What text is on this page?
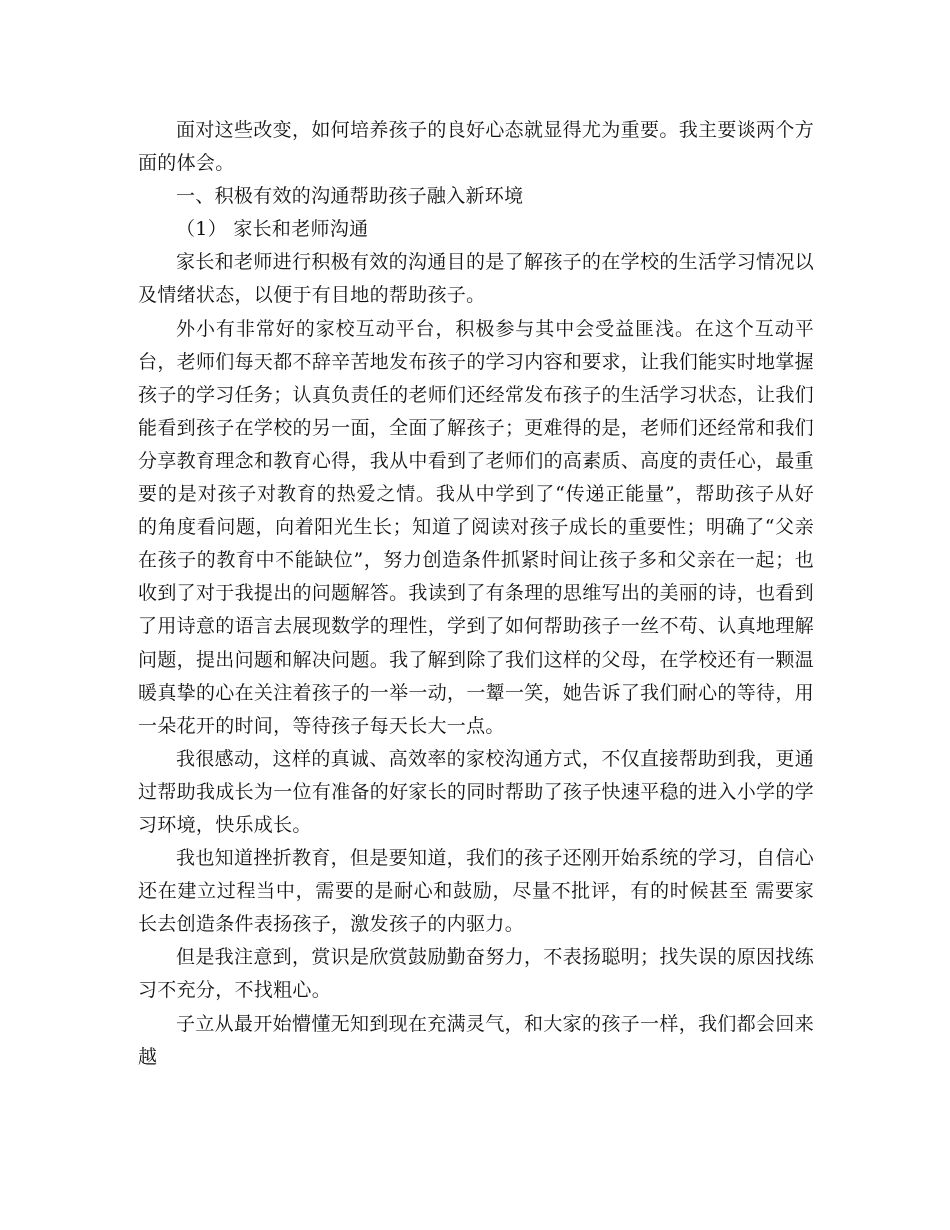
面对这些改变，如何培养孩子的良好心态就显得尤为重要。我主要谈两个方面的体会。

一、积极有效的沟通帮助孩子融入新环境

（1） 家长和老师沟通

家长和老师进行积极有效的沟通目的是了解孩子的在学校的生活学习情况以及情绪状态，以便于有目地的帮助孩子。

外小有非常好的家校互动平台，积极参与其中会受益匪浅。在这个互动平台，老师们每天都不辞辛苦地发布孩子的学习内容和要求，让我们能实时地掌握孩子的学习任务；认真负责任的老师们还经常发布孩子的生活学习状态，让我们能看到孩子在学校的另一面，全面了解孩子；更难得的是，老师们还经常和我们分享教育理念和教育心得，我从中看到了老师们的高素质、高度的责任心，最重要的是对孩子对教育的热爱之情。我从中学到了“传递正能量”，帮助孩子从好的角度看问题，向着阳光生长；知道了阅读对孩子成长的重要性；明确了“父亲在孩子的教育中不能缺位”，努力创造条件抓紧时间让孩子多和父亲在一起；也收到了对于我提出的问题解答。我读到了有条理的思维写出的美丽的诗，也看到了用诗意的语言去展现数学的理性，学到了如何帮助孩子一丝不苟、认真地理解问题，提出问题和解决问题。我了解到除了我们这样的父母，在学校还有一颗温暖真挚的心在关注着孩子的一举一动，一颦一笑，她告诉了我们耐心的等待，用一朵花开的时间，等待孩子每天长大一点。

我很感动，这样的真诚、高效率的家校沟通方式，不仅直接帮助到我，更通过帮助我成长为一位有准备的好家长的同时帮助了孩子快速平稳的进入小学的学习环境，快乐成长。

我也知道挫折教育，但是要知道，我们的孩子还刚开始系统的学习，自信心还在建立过程当中，需要的是耐心和鼓励，尽量不批评，有的时候甚至 需要家长去创造条件表扬孩子，激发孩子的内驱力。

但是我注意到，赏识是欣赏鼓励勤奋努力，不表扬聪明；找失误的原因找练习不充分，不找粗心。

子立从最开始懵懂无知到现在充满灵气，和大家的孩子一样，我们都会回来越
